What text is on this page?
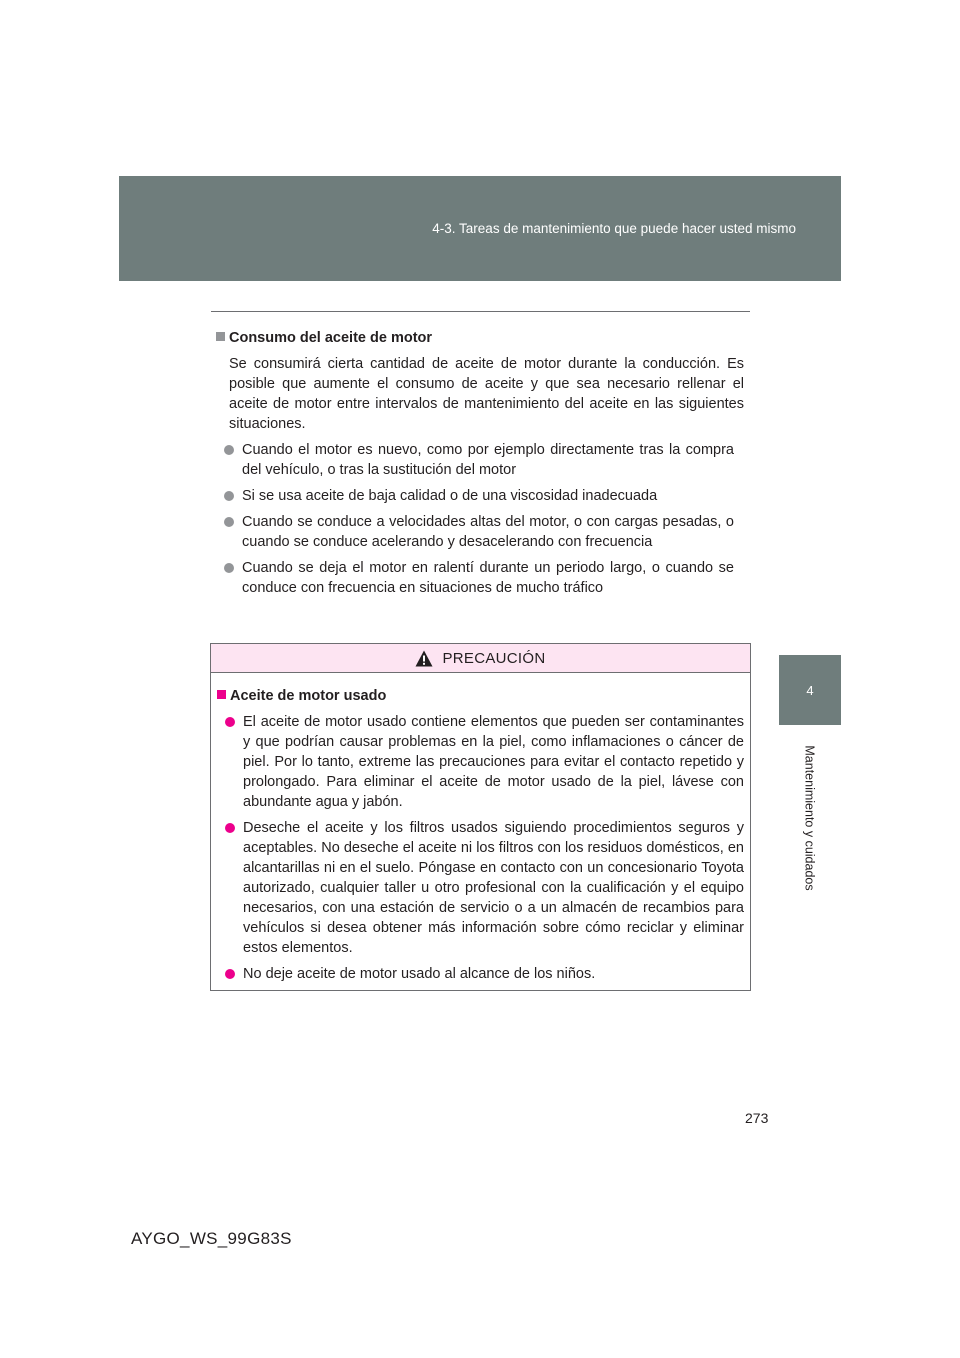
4-3. Tareas de mantenimiento que puede hacer usted mismo
4
Mantenimiento y cuidados
Consumo del aceite de motor
Se consumirá cierta cantidad de aceite de motor durante la conducción. Es posible que aumente el consumo de aceite y que sea necesario rellenar el aceite de motor entre intervalos de mantenimiento del aceite en las siguientes situaciones.
Cuando el motor es nuevo, como por ejemplo directamente tras la compra del vehículo, o tras la sustitución del motor
Si se usa aceite de baja calidad o de una viscosidad inadecuada
Cuando se conduce a velocidades altas del motor, o con cargas pesadas, o cuando se conduce acelerando y desacelerando con frecuencia
Cuando se deja el motor en ralentí durante un periodo largo, o cuando se conduce con frecuencia en situaciones de mucho tráfico
PRECAUCIÓN
Aceite de motor usado
El aceite de motor usado contiene elementos que pueden ser contaminantes y que podrían causar problemas en la piel, como inflamaciones o cáncer de piel. Por lo tanto, extreme las precauciones para evitar el contacto repetido y prolongado. Para eliminar el aceite de motor usado de la piel, lávese con abundante agua y jabón.
Deseche el aceite y los filtros usados siguiendo procedimientos seguros y aceptables. No deseche el aceite ni los filtros con los residuos domésticos, en alcantarillas ni en el suelo. Póngase en contacto con un concesionario Toyota autorizado, cualquier taller u otro profesional con la cualificación y el equipo necesarios, con una estación de servicio o a un almacén de recambios para vehículos si desea obtener más información sobre cómo reciclar y eliminar estos elementos.
No deje aceite de motor usado al alcance de los niños.
273
AYGO_WS_99G83S
